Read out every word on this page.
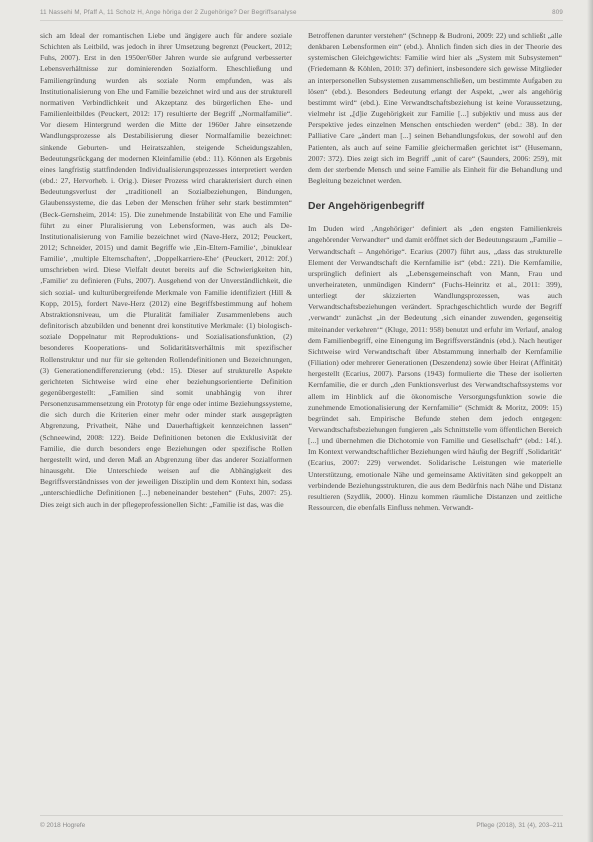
11 Nassehi M, Pfaff A, 11 Scholz H, Ange höriga der 2 Zugehörige? Der Begriffsanalyse	809

sich am Ideal der romantischen Liebe und ängigere auch für andere soziale Schichten als Leitbild, was jedoch in ihrer Umsetzung begrenzt (Peuckert, 2012; Fuhs, 2007). Erst in den 1950er/60er Jahren wurde sie aufgrund verbesserter Lebensverhältnisse zur dominierenden Sozialform. Eheschließung und Familiengründung wurden als soziale Norm empfunden, was als Institutionalisierung von Ehe und Familie bezeichnet wird und aus der strukturell normativen Verbindlichkeit und Akzeptanz des bürgerlichen Ehe- und Familienleitbildes (Peuckert, 2012: 17) resultierte der Begriff „Normalfamilie“. Vor diesem Hintergrund werden die Mitte der 1960er Jahre einsetzende Wandlungsprozesse als Destabilisierung dieser Normalfamilie bezeichnet: sinkende Geburten- und Heiratszahlen, steigende Scheidungszahlen, Bedeutungsrückgang der modernen Kleinfamilie (ebd.: 11). Können als Ergebnis eines langfristig stattfindenden Individualisierungsprozesses interpretiert werden (ebd.: 27, Hervorheb. i. Orig.). Dieser Prozess wird charakterisiert durch einen Bedeutungsverlust der „traditionell an Sozialbeziehungen, Bindungen, Glaubenssysteme, die das Leben der Menschen früher sehr stark bestimmten“ (Beck-Gernsheim, 2014: 15). Die zunehmende Instabilität von Ehe und Familie führt zu einer Pluralisierung von Lebensformen, was auch als De-Institutionalisierung von Familie bezeichnet wird (Nave-Herz, 2012; Peuckert, 2012; Schneider, 2015) und damit Begriffe wie ‚Ein-Eltern-Familie‘, ‚binuklear Familie‘, ‚multiple Elternschaften‘, ‚Doppelkarriere-Ehe‘ (Peuckert, 2012: 20f.) umschrieben wird. Diese Vielfalt deutet bereits auf die Schwierigkeiten hin, ‚Familie‘ zu definieren (Fuhs, 2007). Ausgehend von der Unverständlichkeit, die sich sozial- und kulturübergreifende Merkmale von Familie identifiziert (Hill & Kopp, 2015), fordert Nave-Herz (2012) eine Begriffsbestimmung auf hohem Abstraktionsniveau, um die Pluralität familialer Zusammenlebens auch definitorisch abzubilden und benennt drei konstitutive Merkmale: (1) biologisch-soziale Doppelnatur mit Reproduktions- und Sozialisationsfunktion, (2) besonderes Kooperations- und Solidaritätsverhältnis mit spezifischer Rollenstruktur und nur für sie geltenden Rollendefinitionen und Bezeichnungen, (3) Generationendifferenzierung (ebd.: 15). Dieser auf strukturelle Aspekte gerichteten Sichtweise wird eine eher beziehungsorientierte Definition gegenübergestellt: „Familien sind somit unabhängig von ihrer Personenzusammensetzung ein Prototyp für enge oder intime Beziehungssysteme, die sich durch die Kriterien einer mehr oder minder stark ausgeprägten Abgrenzung, Privatheit, Nähe und Dauerhaftigkeit kennzeichnen lassen“ (Schneewind, 2008: 122). Beide Definitionen betonen die Exklusivität der Familie, die durch besonders enge Beziehungen oder spezifische Rollen hergestellt wird, und deren Maß an Abgrenzung über das anderer Sozialformen hinausgeht. Die Unterschiede weisen auf die Abhängigkeit des Begriffsverständnisses von der jeweiligen Disziplin und dem Kontext hin, sodass „unterschiedliche Definitionen [...] nebeneinander bestehen“ (Fuhs, 2007: 25). Dies zeigt sich auch in der pflegeprofessionellen Sicht: „Familie ist das, was die

Betroffenen darunter verstehen“ (Schnepp & Budroni, 2009: 22) und schließt „alle denkbaren Lebensformen ein“ (ebd.). Ähnlich finden sich dies in der Theorie des systemischen Gleichgewichts: Familie wird hier als „System mit Subsystemen“ (Friedemann & Köhlen, 2010: 37) definiert, insbesondere sich gewisse Mitglieder an interpersonellen Subsystemen zusammenschließen, um bestimmte Aufgaben zu lösen“ (ebd.). Besonders Bedeutung erlangt der Aspekt, „wer als angehörig bestimmt wird“ (ebd.). Eine Verwandtschaftsbeziehung ist keine Voraussetzung, vielmehr ist „[d]ie Zugehörigkeit zur Familie [...] subjektiv und muss aus der Perspektive jedes einzelnen Menschen entschieden werden“ (ebd.: 38). In der Palliative Care „ändert man [...] seinen Behandlungsfokus, der sowohl auf den Patienten, als auch auf seine Familie gleichermaßen gerichtet ist“ (Husemann, 2007: 372). Dies zeigt sich im Begriff „unit of care“ (Saunders, 2006: 259), mit dem der sterbende Mensch und seine Familie als Einheit für die Behandlung und Begleitung bezeichnet werden.

Der Angehörigenbegriff

Im Duden wird ‚Angehöriger‘ definiert als „den engsten Familienkreis angehörender Verwandter“ und damit eröffnet sich der Bedeutungsraum „Familie – Verwandtschaft – Angehörige“. Ecarius (2007) führt aus, „dass das strukturelle Element der Verwandtschaft die Kernfamilie ist“ (ebd.: 221). Die Kernfamilie, ursprünglich definiert als „Lebensgemeinschaft von Mann, Frau und unverheirateten, unmündigen Kindern“ (Fuchs-Heinritz et al., 2011: 399), unterliegt der skizzierten Wandlungsprozessen, was auch Verwandtschaftsbeziehungen verändert. Sprachgeschichtlich wurde der Begriff ‚verwandt‘ zunächst „in der Bedeutung ‚sich einander zuwenden, gegenseitig miteinander verkehren‘“ (Kluge, 2011: 958) benutzt und erfuhr im Verlauf, analog dem Familienbegriff, eine Einengung im Begriffsverständnis (ebd.). Nach heutiger Sichtweise wird Verwandtschaft über Abstammung innerhalb der Kernfamilie (Filiation) oder mehrerer Generationen (Deszendenz) sowie über Heirat (Affinität) hergestellt (Ecarius, 2007). Parsons (1943) formulierte die These der isolierten Kernfamilie, die er durch „den Funktionsverlust des Verwandtschaftssystems vor allem im Hinblick auf die ökonomische Versorgungsfunktion sowie die zunehmende Emotionalisierung der Kernfamilie“ (Schmidt & Moritz, 2009: 15) begründet sah. Empirische Befunde stehen dem jedoch entgegen: Verwandtschaftsbeziehungen fungieren „als Schnittstelle vom öffentlichen Bereich [...] und übernehmen die Dichotomie von Familie und Gesellschaft“ (ebd.: 14f.). Im Kontext verwandtschaftlicher Beziehungen wird häufig der Begriff ‚Solidarität‘ (Ecarius, 2007: 229) verwendet. Solidarische Leistungen wie materielle Unterstützung, emotionale Nähe und gemeinsame Aktivitäten sind gekoppelt an verbindende Beziehungsstrukturen, die aus dem Bedürfnis nach Nähe und Distanz resultieren (Szydlik, 2000). Hinzu kommen räumliche Distanzen und zeitliche Ressourcen, die ebenfalls Einfluss nehmen. Verwandt-

© 2018 Hogrefe	Pflege (2018), 31 (4), 203–211
